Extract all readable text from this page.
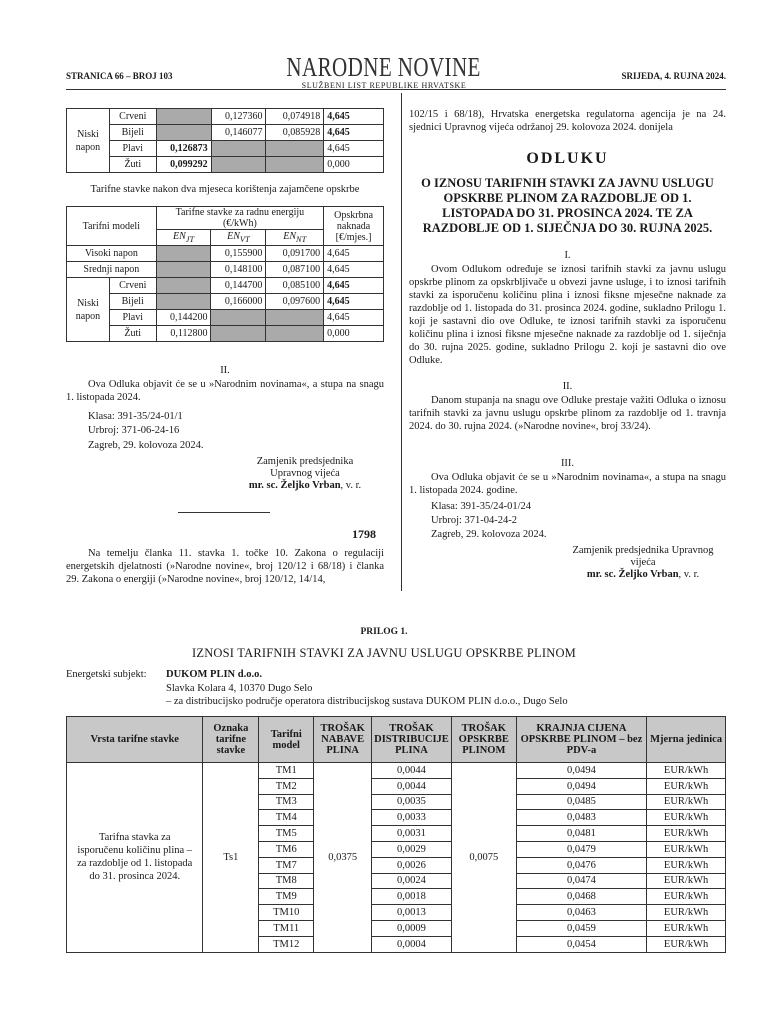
STRANICA 66 – BROJ 103	NARODNE NOVINE
SLUŽBENI LIST REPUBLIKE HRVATSKE
SRIJEDA, 4. RUJNA 2024.
Niski napon	Crveni		0,127360	0,074918	4,645
	Bijeli		0,146077	0,085928	4,645
	Plavi	0,126873			4,645
	Žuti	0,099292			0,000
Tarifne stavke nakon dva mjeseca korištenja zajamčene opskrbe
Tarifni modeli		Tarifne stavke za radnu energiju (€/kWh)			Opskrbna naknada [€/mjes.]
		$EN_{JT}$	$EN_{VT}$	$EN_{NT}$
Visoki napon			0,155900	0,091700	4,645
Srednji napon			0,148100	0,087100	4,645
Niski napon	Crveni		0,144700	0,085100	4,645
	Bijeli		0,166000	0,097600	4,645
	Plavi	0,144200			4,645
	Žuti	0,112800			0,000
II.
Ova Odluka objavit će se u »Narodnim novinama«, a stupa na snagu 1. listopada 2024.
Klasa: 391-35/24-01/1
Urbroj: 371-06-24-16
Zagreb, 29. kolovoza 2024.
Zamjenik predsjednika
Upravnog vijeća
mr. sc. Željko Vrban, v. r.
1798
Na temelju članka 11. stavka 1. točke 10. Zakona o regulaciji energetskih djelatnosti (»Narodne novine«, broj 120/12 i 68/18) i članka 29. Zakona o energiji (»Narodne novine«, broj 120/12, 14/14,
102/15 i 68/18), Hrvatska energetska regulatorna agencija je na 24. sjednici Upravnog vijeća održanoj 29. kolovoza 2024. donijela
ODLUKU
O IZNOSU TARIFNIH STAVKI ZA JAVNU USLUGU OPSKRBE PLINOM ZA RAZDOBLJE OD 1. LISTOPADA DO 31. PROSINCA 2024. TE ZA RAZDOBLJE OD 1. SIJEČNJA DO 30. RUJNA 2025.
I.
Ovom Odlukom određuje se iznosi tarifnih stavki za javnu uslugu opskrbe plinom za opskrbljivače u obvezi javne usluge, i to iznosi tarifnih stavki za isporučenu količinu plina i iznosi fiksne mjesečne naknade za razdoblje od 1. listopada do 31. prosinca 2024. godine, sukladno Prilogu 1. koji je sastavni dio ove Odluke, te iznosi tarifnih stavki za isporučenu količinu plina i iznosi fiksne mjesečne naknade za razdoblje od 1. siječnja do 30. rujna 2025. godine, sukladno Prilogu 2. koji je sastavni dio ove Odluke.
II.
Danom stupanja na snagu ove Odluke prestaje važiti Odluka o iznosu tarifnih stavki za javnu uslugu opskrbe plinom za razdoblje od 1. travnja 2024. do 30. rujna 2024. (»Narodne novine«, broj 33/24).
III.
Ova Odluka objavit će se u »Narodnim novinama«, a stupa na snagu 1. listopada 2024. godine.
Klasa: 391-35/24-01/24
Urbroj: 371-04-24-2
Zagreb, 29. kolovoza 2024.
Zamjenik predsjednika Upravnog
vijeća
mr. sc. Željko Vrban, v. r.
PRILOG 1.
IZNOSI TARIFNIH STAVKI ZA JAVNU USLUGU OPSKRBE PLINOM
Energetski subjekt: DUKOM PLIN d.o.o.
Slavka Kolara 4, 10370 Dugo Selo
– za distribucijsko područje operatora distribucijskog sustava DUKOM PLIN d.o.o., Dugo Selo
Vrsta tarifne stavke	Oznaka tarifne stavke	Tarifni model	TROŠAK NABAVE PLINA	TROŠAK DISTRIBUCIJE PLINA	TROŠAK OPSKRBE PLINOM	KRAJNJA CIJENA OPSKRBE PLINOM – bez PDV-a	Mjerna jedinica
Tarifna stavka za isporučenu količinu plina – za razdoblje od 1. listopada do 31. prosinca 2024.	Ts1	TM1	0,0375	0,0044	0,0075	0,0494	EUR/kWh
		TM2		0,0044		0,0494	EUR/kWh
		TM3		0,0035		0,0485	EUR/kWh
		TM4		0,0033		0,0483	EUR/kWh
		TM5		0,0031		0,0481	EUR/kWh
		TM6		0,0029		0,0479	EUR/kWh
		TM7		0,0026		0,0476	EUR/kWh
		TM8		0,0024		0,0474	EUR/kWh
		TM9		0,0018		0,0468	EUR/kWh
		TM10		0,0013		0,0463	EUR/kWh
		TM11		0,0009		0,0459	EUR/kWh
		TM12		0,0004		0,0454	EUR/kWh
